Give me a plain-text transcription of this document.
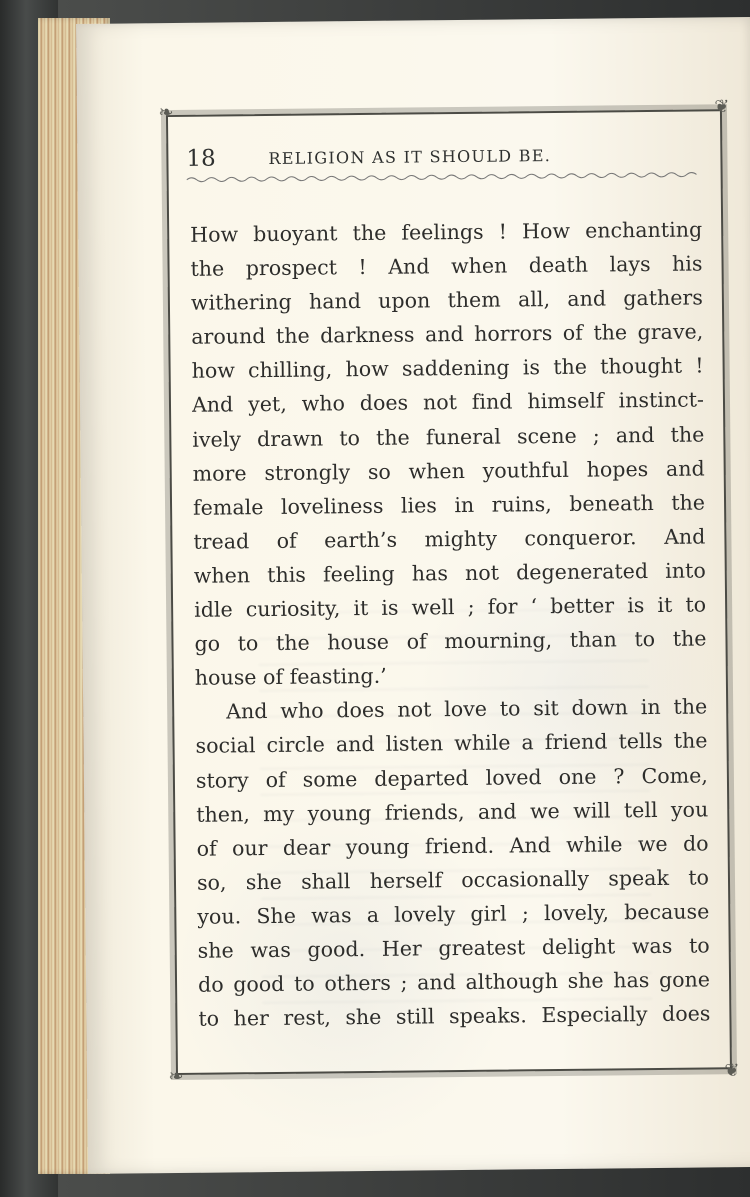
❧	❦
❧	❦
18	RELIGION AS IT SHOULD BE.
How buoyant the feelings ! How enchanting
the prospect ! And when death lays his
withering hand upon them all, and gathers
around the darkness and horrors of the grave,
how chilling, how saddening is the thought !
And yet, who does not find himself instinct-
ively drawn to the funeral scene ; and the
more strongly so when youthful hopes and
female loveliness lies in ruins, beneath the
tread of earth’s mighty conqueror. And
when this feeling has not degenerated into
idle curiosity, it is well ; for ‘ better is it to
go to the house of mourning, than to the
house of feasting.’
And who does not love to sit down in the
social circle and listen while a friend tells the
story of some departed loved one ? Come,
then, my young friends, and we will tell you
of our dear young friend. And while we do
so, she shall herself occasionally speak to
you. She was a lovely girl ; lovely, because
she was good. Her greatest delight was to
do good to others ; and although she has gone
to her rest, she still speaks. Especially does
